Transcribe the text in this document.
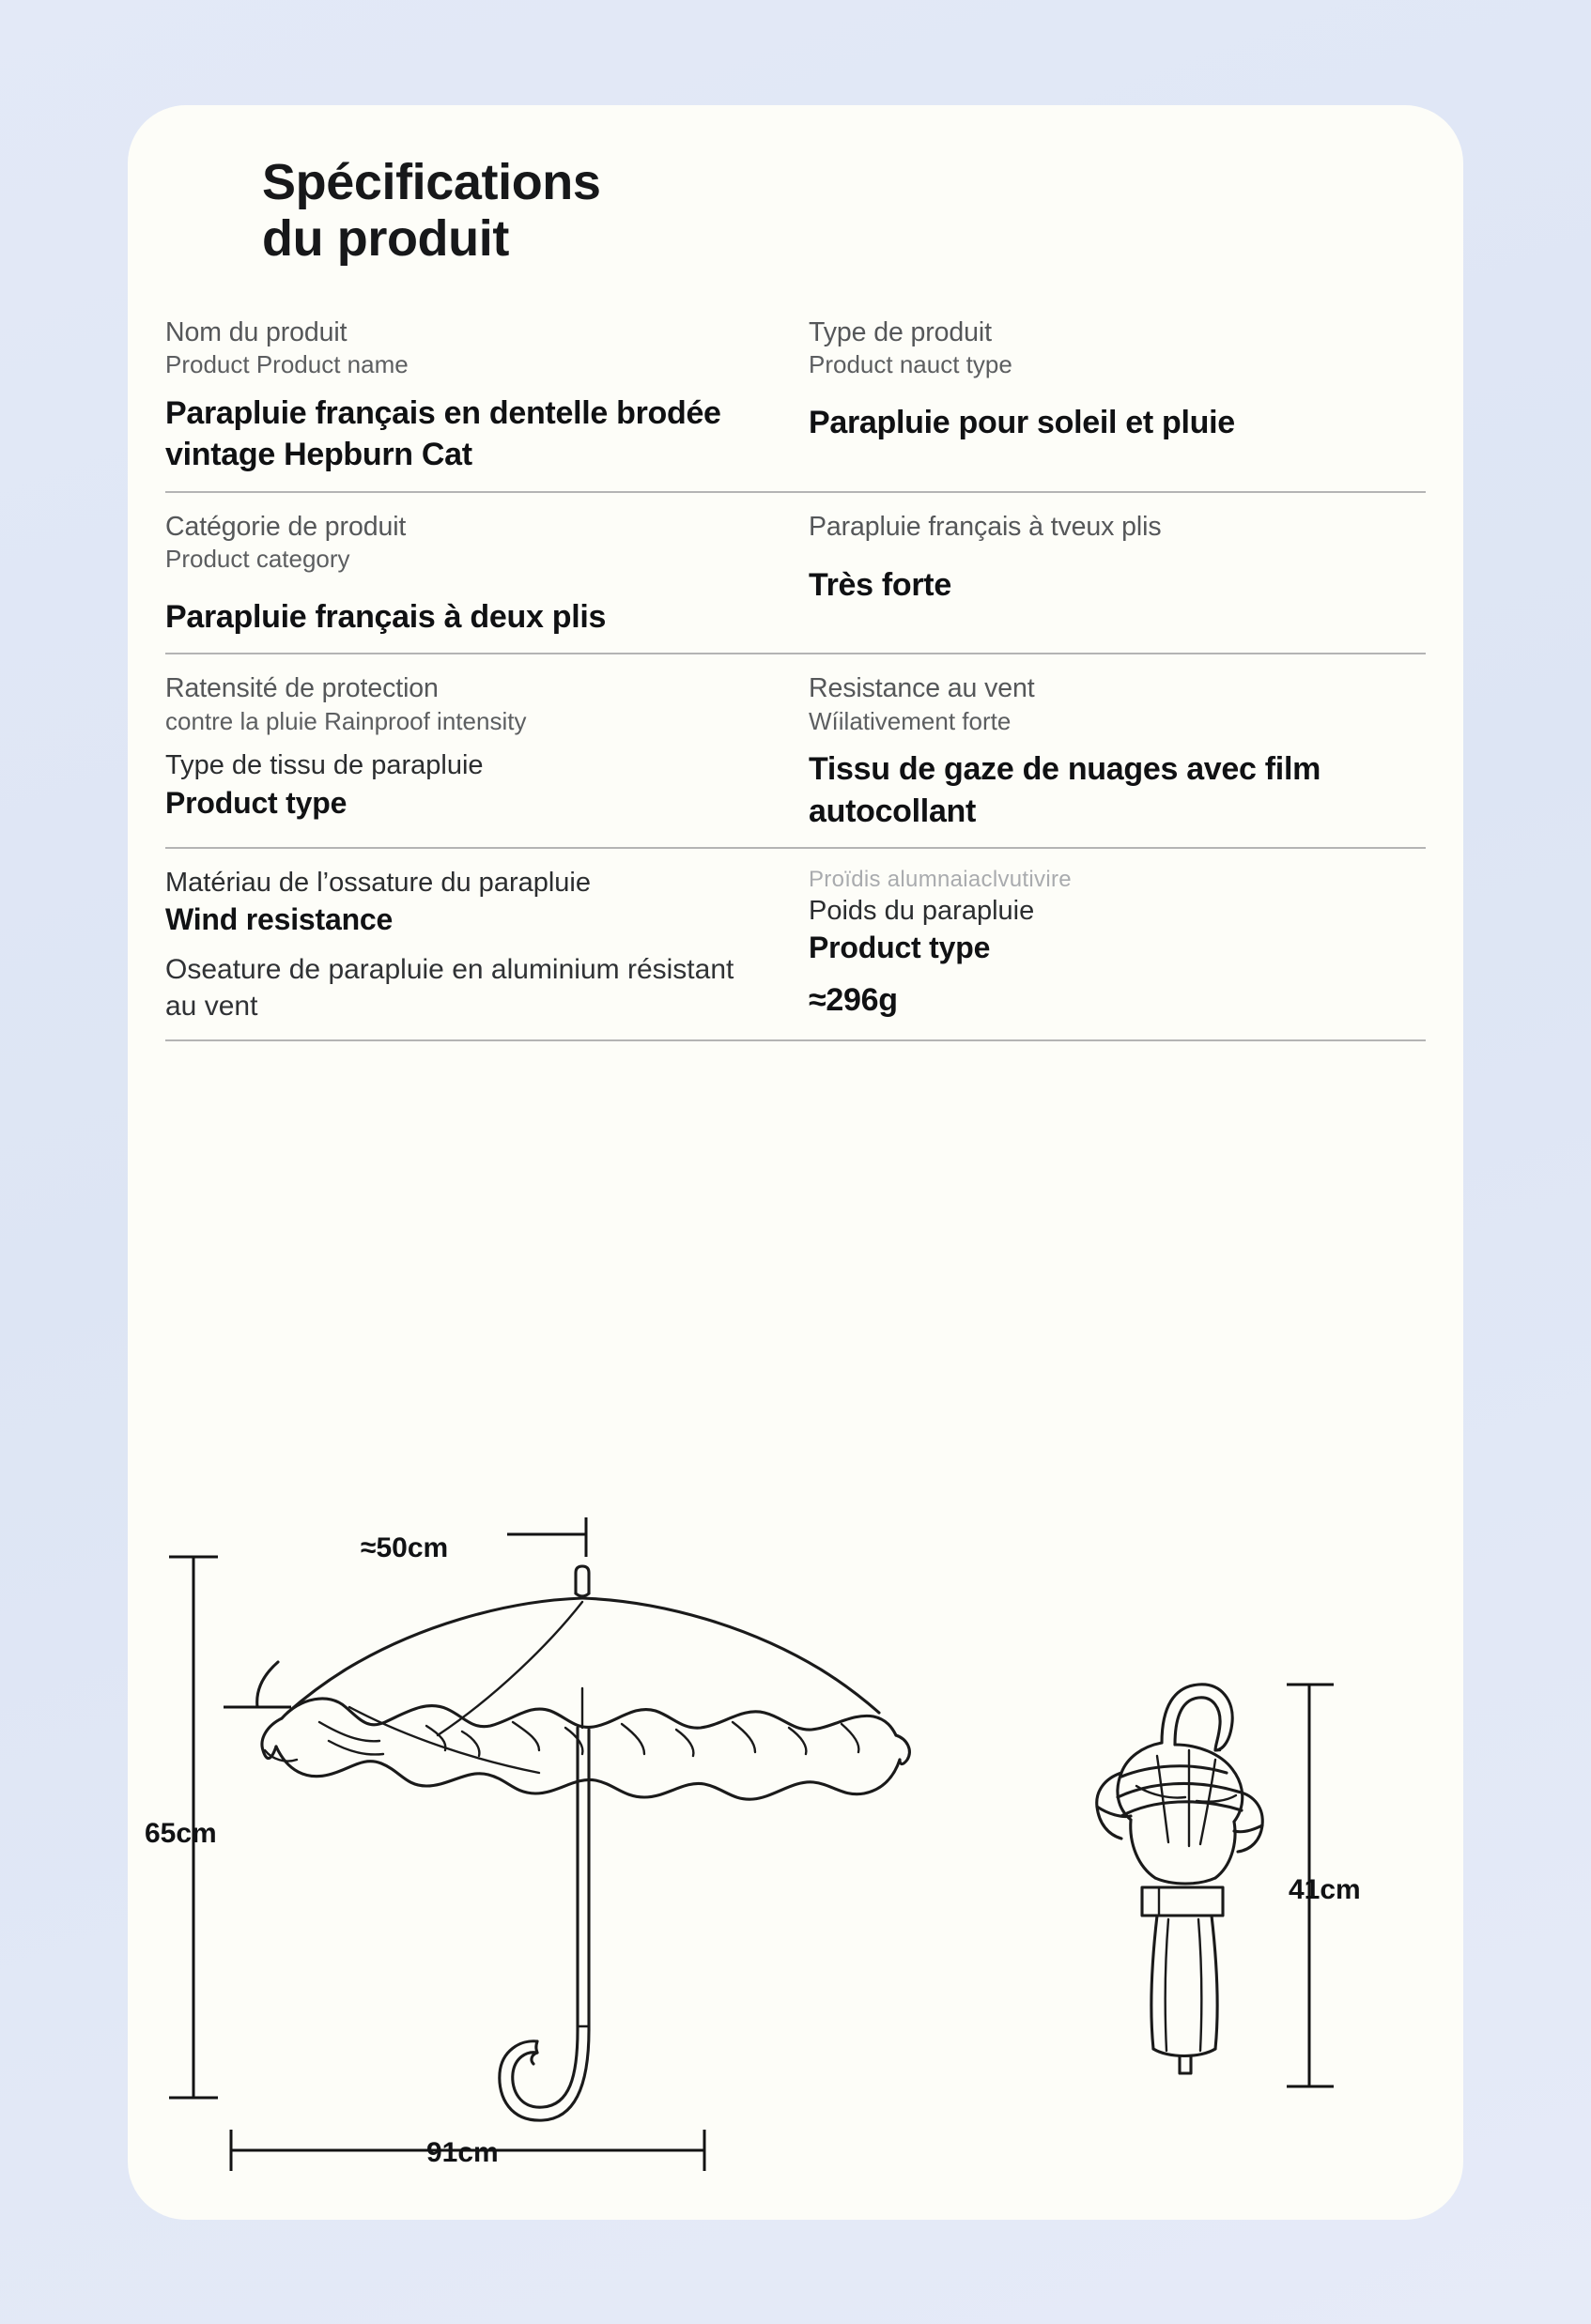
Spécifications
du produit
Nom du produit
Product Product name
Parapluie français en dentelle brodée vintage Hepburn Cat
Type de produit
Product nauct type
Parapluie pour soleil et pluie
Catégorie de produit
Product category
Parapluie français à deux plis
Parapluie français à tveux plis
Très forte
Ratensité de protection
contre la pluie Rainproof intensity
Type de tissu de parapluie
Product type
Resistance au vent
Wíilativement forte
Tissu de gaze de nuages avec film autocollant
Matériau de l’ossature du parapluie
Wind resistance
Oseature de parapluie en aluminium résistant au vent
Proïdis alumnaiaclvutivire
Poids du parapluie
Product type
≈296g
≈50cm
65cm
91cm
41cm
